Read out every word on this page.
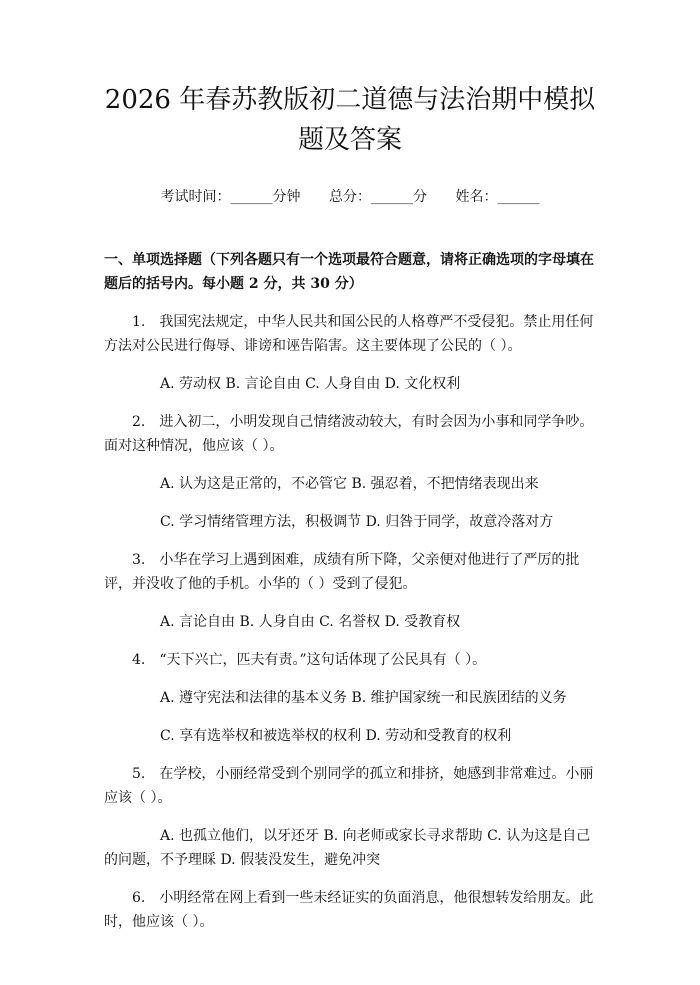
2026 年春苏教版初二道德与法治期中模拟题及答案
考试时间：______分钟 总分：______分 姓名：______
一、单项选择题（下列各题只有一个选项最符合题意，请将正确选项的字母填在题后的括号内。每小题 2 分，共 30 分）
1.　我国宪法规定，中华人民共和国公民的人格尊严不受侵犯。禁止用任何方法对公民进行侮辱、诽谤和诬告陷害。这主要体现了公民的（ ）。
A. 劳动权 B. 言论自由 C. 人身自由 D. 文化权利
2.　进入初二，小明发现自己情绪波动较大，有时会因为小事和同学争吵。面对这种情况，他应该（ ）。
A. 认为这是正常的，不必管它 B. 强忍着，不把情绪表现出来
C. 学习情绪管理方法，积极调节 D. 归咎于同学，故意冷落对方
3.　小华在学习上遇到困难，成绩有所下降，父亲便对他进行了严厉的批评，并没收了他的手机。小华的（ ）受到了侵犯。
A. 言论自由 B. 人身自由 C. 名誉权 D. 受教育权
4.　“天下兴亡，匹夫有责。”这句话体现了公民具有（ ）。
A. 遵守宪法和法律的基本义务 B. 维护国家统一和民族团结的义务
C. 享有选举权和被选举权的权利 D. 劳动和受教育的权利
5.　在学校，小丽经常受到个别同学的孤立和排挤，她感到非常难过。小丽应该（ ）。
A. 也孤立他们，以牙还牙 B. 向老师或家长寻求帮助 C. 认为这是自己的问题，不予理睬 D. 假装没发生，避免冲突
6.　小明经常在网上看到一些未经证实的负面消息，他很想转发给朋友。此时，他应该（ ）。
